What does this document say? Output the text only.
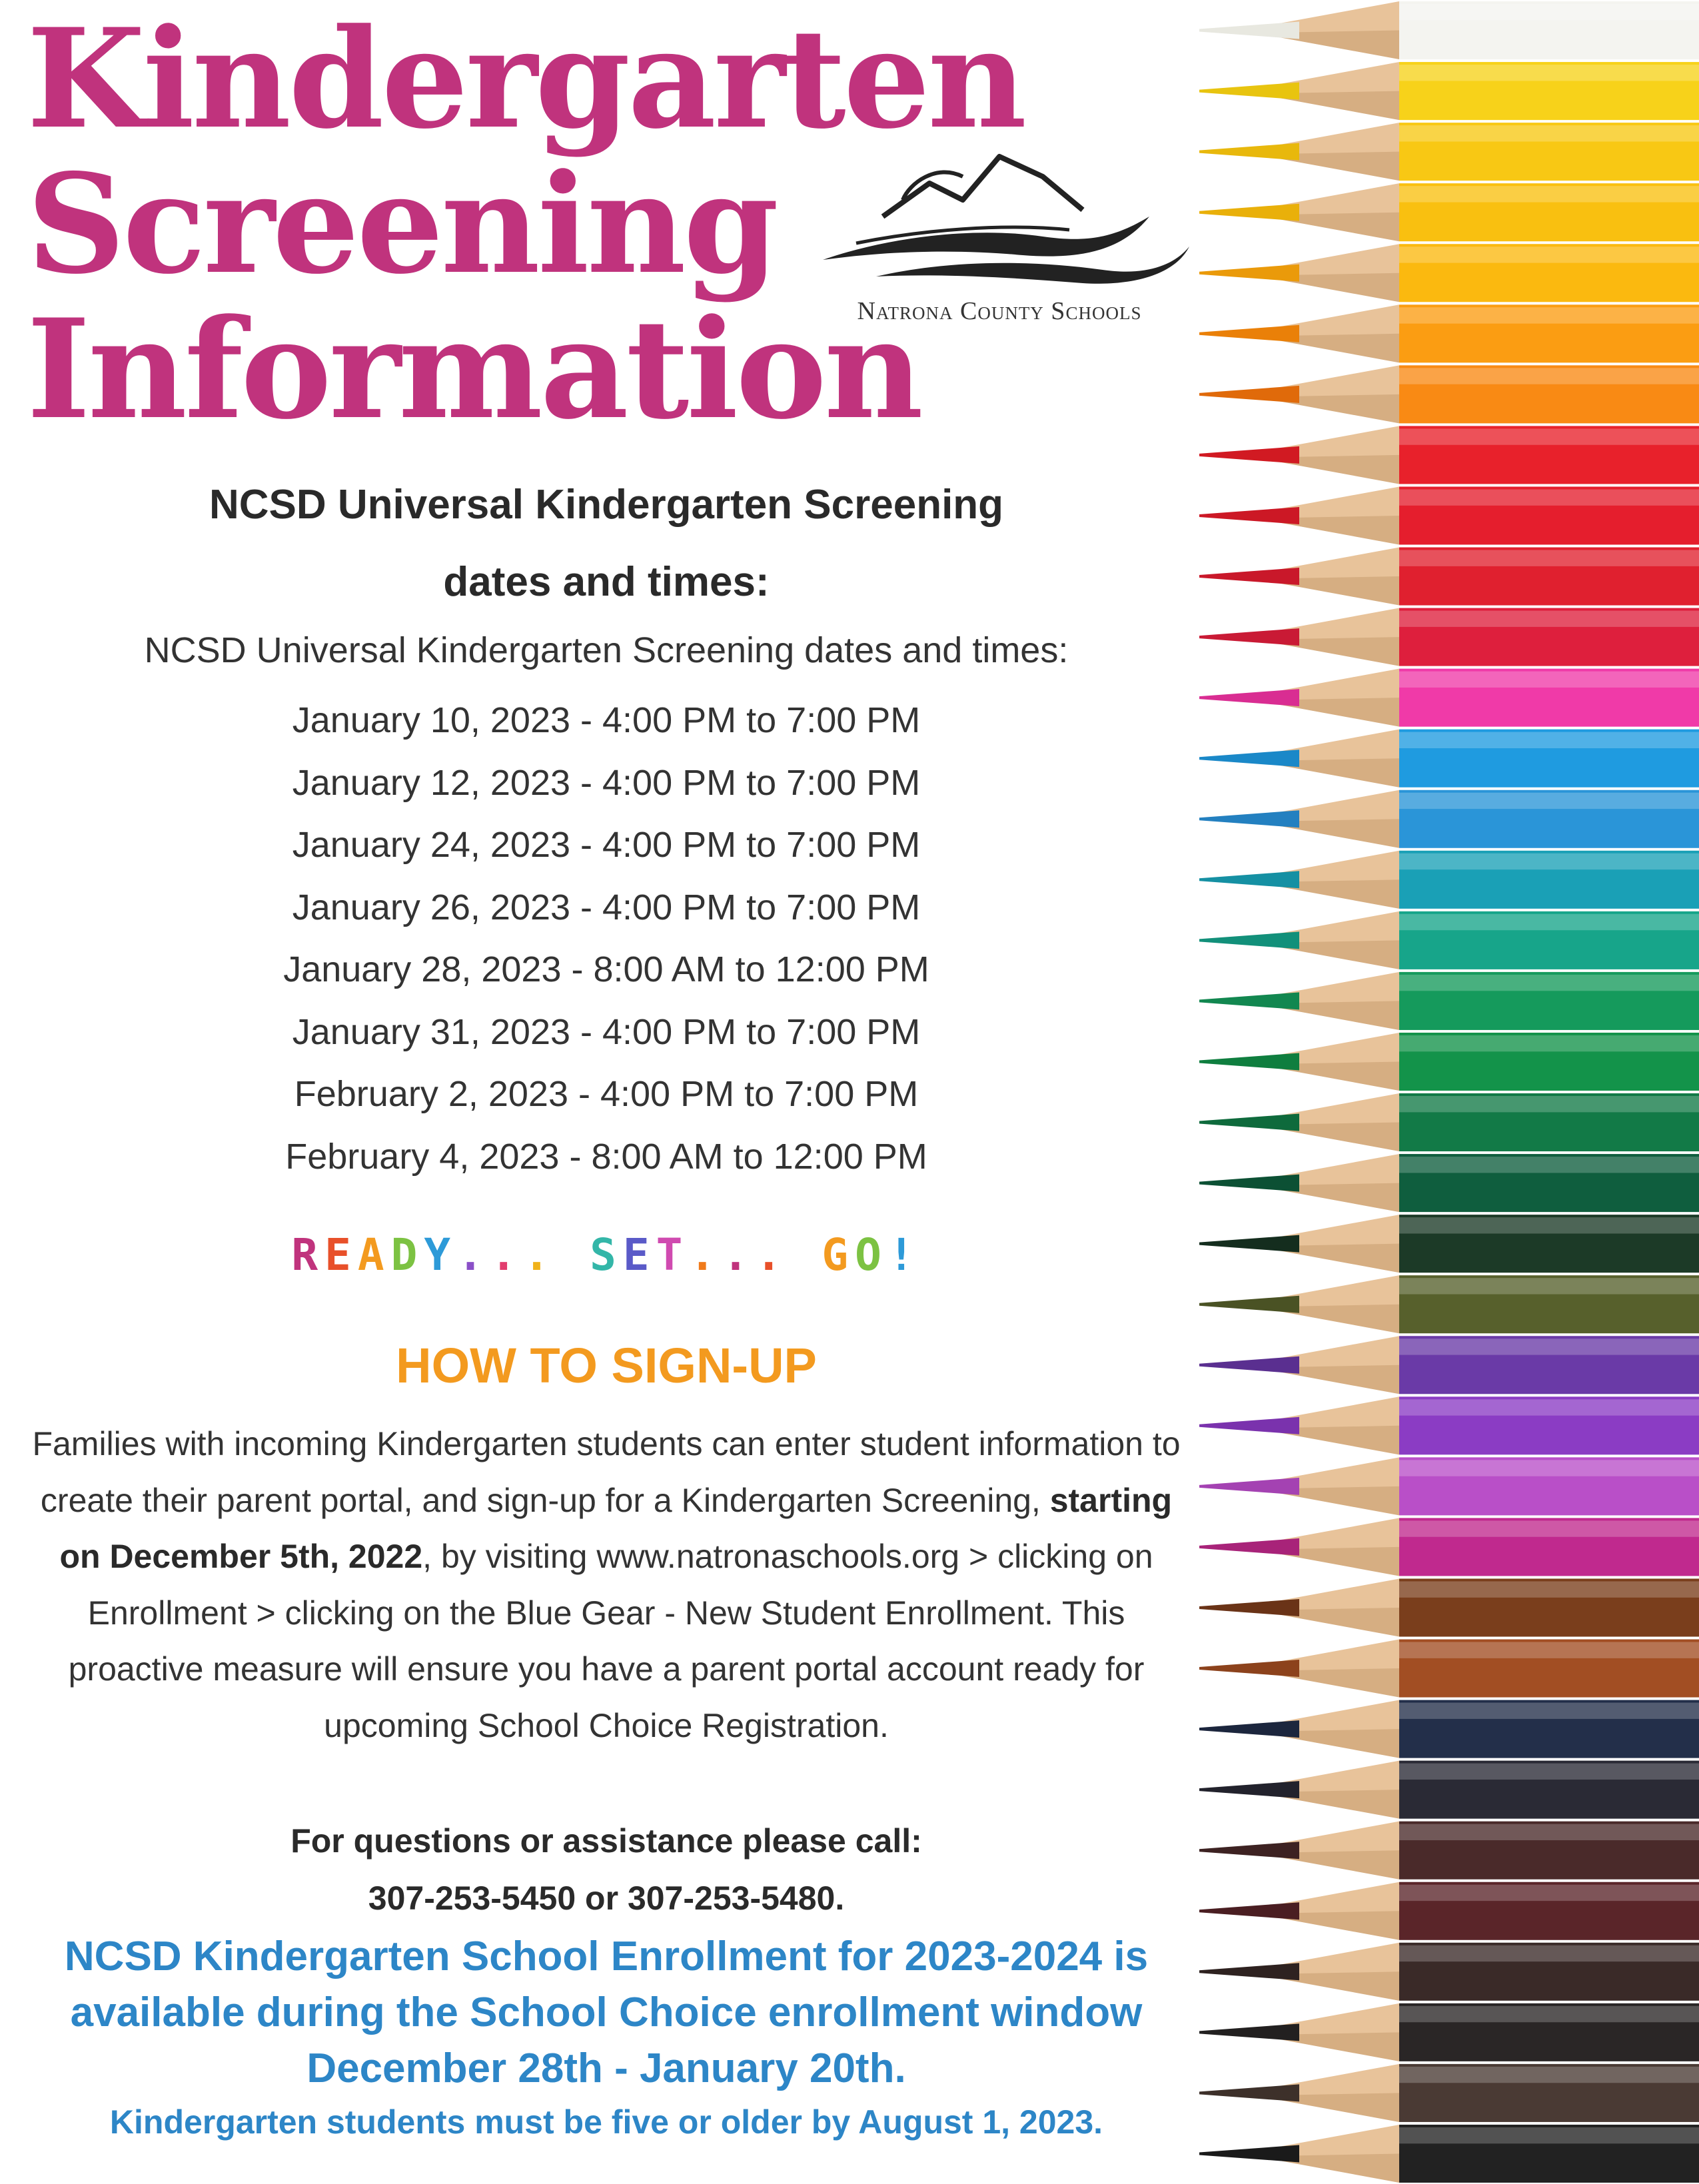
Kindergarten
Screening
Information
Natrona County Schools
NCSD Universal Kindergarten Screening
dates and times:
NCSD Universal Kindergarten Screening dates and times:
January 10, 2023 - 4:00 PM to 7:00 PM
January 12, 2023 - 4:00 PM to 7:00 PM
January 24, 2023 - 4:00 PM to 7:00 PM
January 26, 2023 - 4:00 PM to 7:00 PM
January 28, 2023 - 8:00 AM to 12:00 PM
January 31, 2023 - 4:00 PM to 7:00 PM
February 2, 2023 - 4:00 PM to 7:00 PM
February 4, 2023 - 8:00 AM to 12:00 PM
READY... SET... GO!
HOW TO SIGN-UP
Families with incoming Kindergarten students can enter student information to create their parent portal, and sign-up for a Kindergarten Screening, starting on December 5th, 2022, by visiting www.natronaschools.org > clicking on Enrollment > clicking on the Blue Gear - New Student Enrollment. This proactive measure will ensure you have a parent portal account ready for upcoming School Choice Registration.
For questions or assistance please call:
307-253-5450 or 307-253-5480.
NCSD Kindergarten School Enrollment for 2023-2024 is
available during the School Choice enrollment window
December 28th - January 20th.
Kindergarten students must be five or older by August 1, 2023.
